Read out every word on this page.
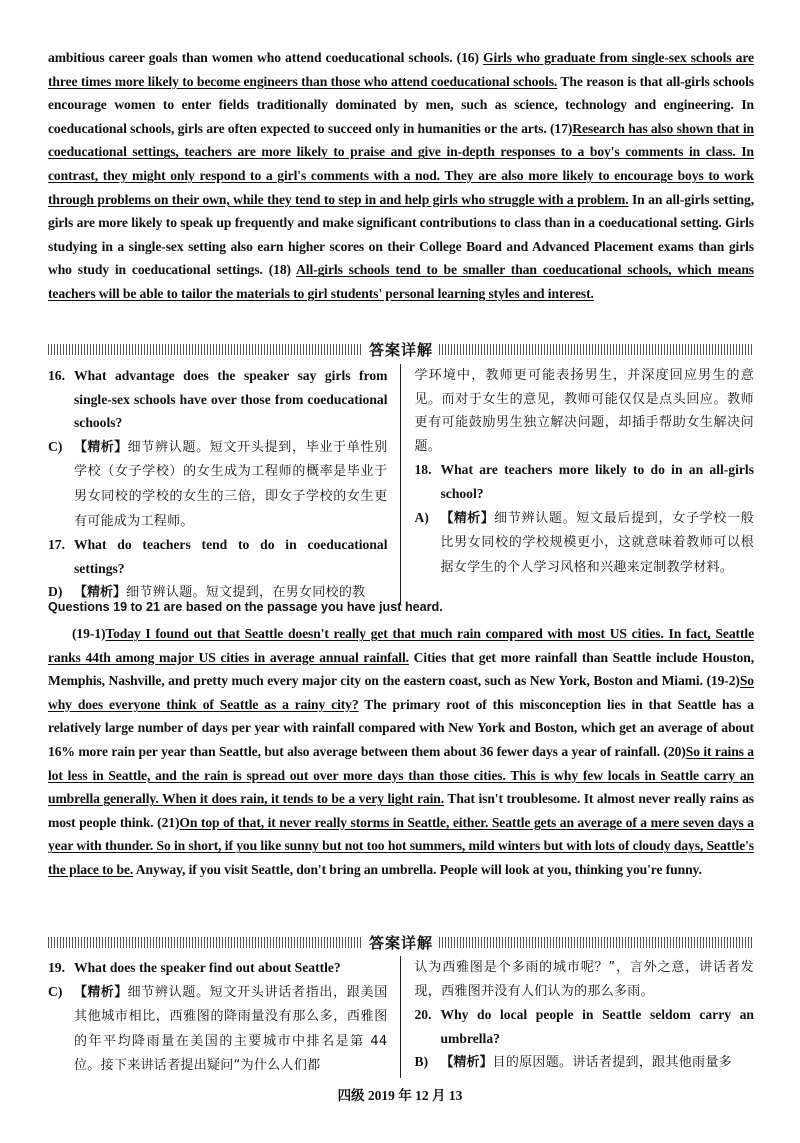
ambitious career goals than women who attend coeducational schools. (16) Girls who graduate from single-sex schools are three times more likely to become engineers than those who attend coeducational schools. The reason is that all-girls schools encourage women to enter fields traditionally dominated by men, such as science, technology and engineering. In coeducational schools, girls are often expected to succeed only in humanities or the arts. (17)Research has also shown that in coeducational settings, teachers are more likely to praise and give in-depth responses to a boy's comments in class. In contrast, they might only respond to a girl's comments with a nod. They are also more likely to encourage boys to work through problems on their own, while they tend to step in and help girls who struggle with a problem. In an all-girls setting, girls are more likely to speak up frequently and make significant contributions to class than in a coeducational setting. Girls studying in a single-sex setting also earn higher scores on their College Board and Advanced Placement exams than girls who study in coeducational settings. (18) All-girls schools tend to be smaller than coeducational schools, which means teachers will be able to tailor the materials to girl students' personal learning styles and interest.
答案详解
16. What advantage does the speaker say girls from single-sex schools have over those from coeducational schools?
C) 【精析】细节辨认题。短文开头提到，毕业于单性别学校（女子学校）的女生成为工程师的概率是毕业于男女同校的学校的女生的三倍，即女子学校的女生更有可能成为工程师。
17. What do teachers tend to do in coeducational settings?
D) 【精析】细节辨认题。短文提到，在男女同校的教
学环境中，教师更可能表扬男生，并深度回应男生的意见。而对于女生的意见，教师可能仅仅是点头回应。教师更有可能鼓励男生独立解决问题，却插手帮助女生解决问题。
18. What are teachers more likely to do in an all-girls school?
A) 【精析】细节辨认题。短文最后提到，女子学校一般比男女同校的学校规模更小，这就意味着教师可以根据女学生的个人学习风格和兴趣来定制教学材料。
Questions 19 to 21 are based on the passage you have just heard.
(19-1)Today I found out that Seattle doesn't really get that much rain compared with most US cities. In fact, Seattle ranks 44th among major US cities in average annual rainfall. Cities that get more rainfall than Seattle include Houston, Memphis, Nashville, and pretty much every major city on the eastern coast, such as New York, Boston and Miami. (19-2)So why does everyone think of Seattle as a rainy city? The primary root of this misconception lies in that Seattle has a relatively large number of days per year with rainfall compared with New York and Boston, which get an average of about 16% more rain per year than Seattle, but also average between them about 36 fewer days a year of rainfall. (20)So it rains a lot less in Seattle, and the rain is spread out over more days than those cities. This is why few locals in Seattle carry an umbrella generally. When it does rain, it tends to be a very light rain. That isn't troublesome. It almost never really rains as most people think. (21)On top of that, it never really storms in Seattle, either. Seattle gets an average of a mere seven days a year with thunder. So in short, if you like sunny but not too hot summers, mild winters but with lots of cloudy days, Seattle's the place to be. Anyway, if you visit Seattle, don't bring an umbrella. People will look at you, thinking you're funny.
答案详解
19. What does the speaker find out about Seattle?
C) 【精析】细节辨认题。短文开头讲话者指出，跟美国其他城市相比，西雅图的降雨量没有那么多，西雅图的年平均降雨量在美国的主要城市中排名是第 44 位。接下来讲话者提出疑问“为什么人们都
认为西雅图是个多雨的城市呢？”，言外之意，讲话者发现，西雅图并没有人们认为的那么多雨。
20. Why do local people in Seattle seldom carry an umbrella?
B) 【精析】目的原因题。讲话者提到，跟其他雨量多
四级 2019 年 12 月 13
